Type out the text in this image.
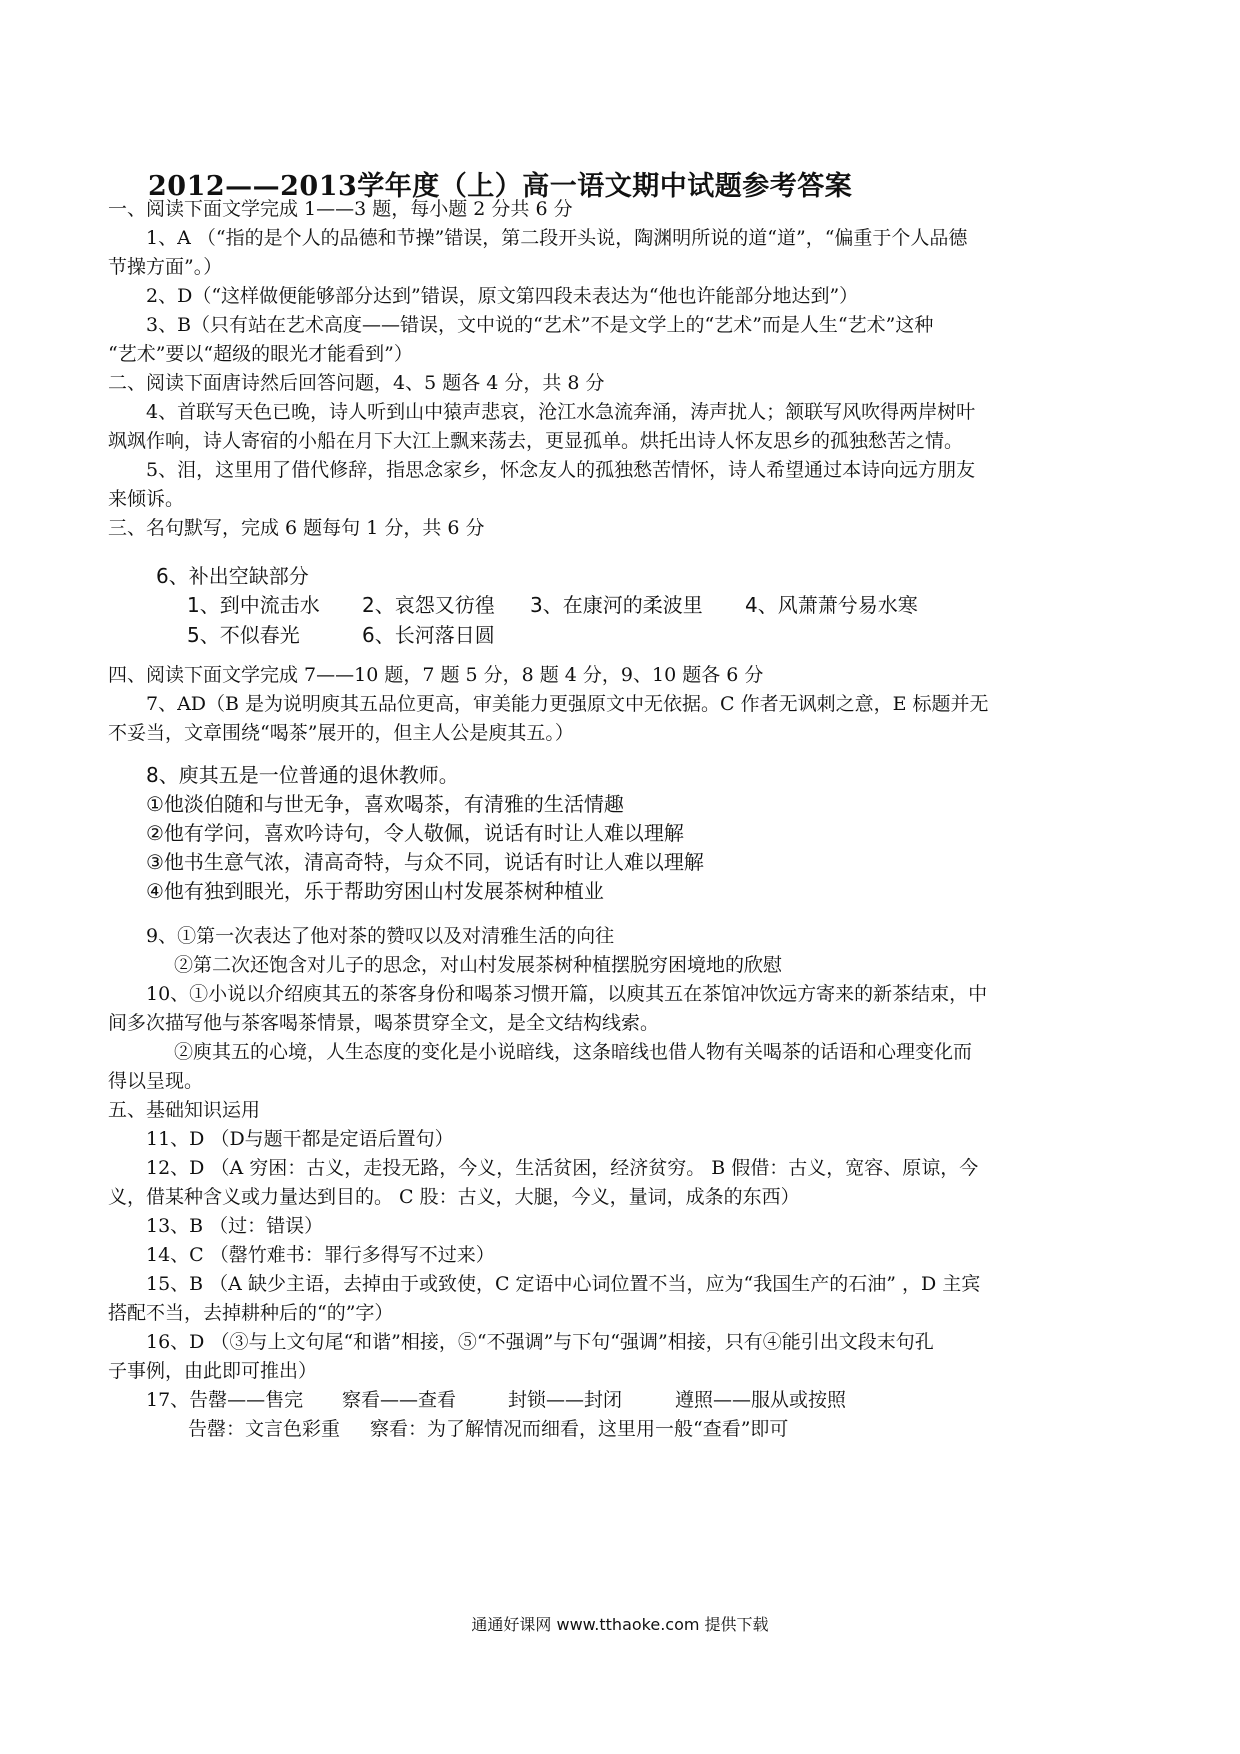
2012——2013学年度（上）高一语文期中试题参考答案
一、阅读下面文学完成 1——3 题，每小题 2 分共 6 分
1、A （“指的是个人的品德和节操”错误，第二段开头说，陶渊明所说的道“道”，“偏重于个人品德
节操方面”。）
2、D（“这样做便能够部分达到”错误，原文第四段未表达为“他也许能部分地达到”）
3、B（只有站在艺术高度——错误，文中说的“艺术”不是文学上的“艺术”而是人生“艺术”这种
“艺术”要以“超级的眼光才能看到”）
二、阅读下面唐诗然后回答问题，4、5 题各 4 分，共 8 分
4、首联写天色已晚，诗人听到山中猿声悲哀，沧江水急流奔涌，涛声扰人；颔联写风吹得两岸树叶
飒飒作响，诗人寄宿的小船在月下大江上飘来荡去，更显孤单。烘托出诗人怀友思乡的孤独愁苦之情。
5、泪，这里用了借代修辞，指思念家乡，怀念友人的孤独愁苦情怀，诗人希望通过本诗向远方朋友
来倾诉。
三、名句默写，完成 6 题每句 1 分，共 6 分
6、补出空缺部分
1、到中流击水 2、哀怨又彷徨 3、在康河的柔波里 4、风萧萧兮易水寒
5、不似春光	6、长河落日圆
四、阅读下面文学完成 7——10 题，7 题 5 分，8 题 4 分，9、10 题各 6 分
7、AD（B 是为说明庾其五品位更高，审美能力更强原文中无依据。C 作者无讽刺之意，E 标题并无
不妥当，文章围绕“喝茶”展开的，但主人公是庾其五。）
8、庾其五是一位普通的退休教师。
①他淡伯随和与世无争，喜欢喝茶，有清雅的生活情趣
②他有学问，喜欢吟诗句，令人敬佩，说话有时让人难以理解
③他书生意气浓，清高奇特，与众不同，说话有时让人难以理解
④他有独到眼光，乐于帮助穷困山村发展茶树种植业
9、①第一次表达了他对茶的赞叹以及对清雅生活的向往
②第二次还饱含对儿子的思念，对山村发展茶树种植摆脱穷困境地的欣慰
10、①小说以介绍庾其五的茶客身份和喝茶习惯开篇，以庾其五在茶馆冲饮远方寄来的新茶结束，中
间多次描写他与茶客喝茶情景，喝茶贯穿全文，是全文结构线索。
②庾其五的心境，人生态度的变化是小说暗线，这条暗线也借人物有关喝茶的话语和心理变化而
得以呈现。
五、基础知识运用
11、D （D与题干都是定语后置句）
12、D （A 穷困：古义，走投无路，今义，生活贫困，经济贫穷。 B 假借：古义，宽容、原谅，今
义，借某种含义或力量达到目的。 C 股：古义，大腿，今义，量词，成条的东西）
13、B （过：错误）
14、C （罄竹难书：罪行多得写不过来）
15、B （A 缺少主语，去掉由于或致使，C 定语中心词位置不当，应为“我国生产的石油” ，D 主宾
搭配不当，去掉耕种后的“的”字）
16、D （③与上文句尾“和谐”相接，⑤“不强调”与下句“强调”相接，只有④能引出文段末句孔
子事例，由此即可推出）
17、告罄——售完 察看——查看	封锁——封闭	遵照——服从或按照
告罄：文言色彩重 察看：为了解情况而细看，这里用一般“查看”即可
通通好课网 www.tthaoke.com 提供下载
